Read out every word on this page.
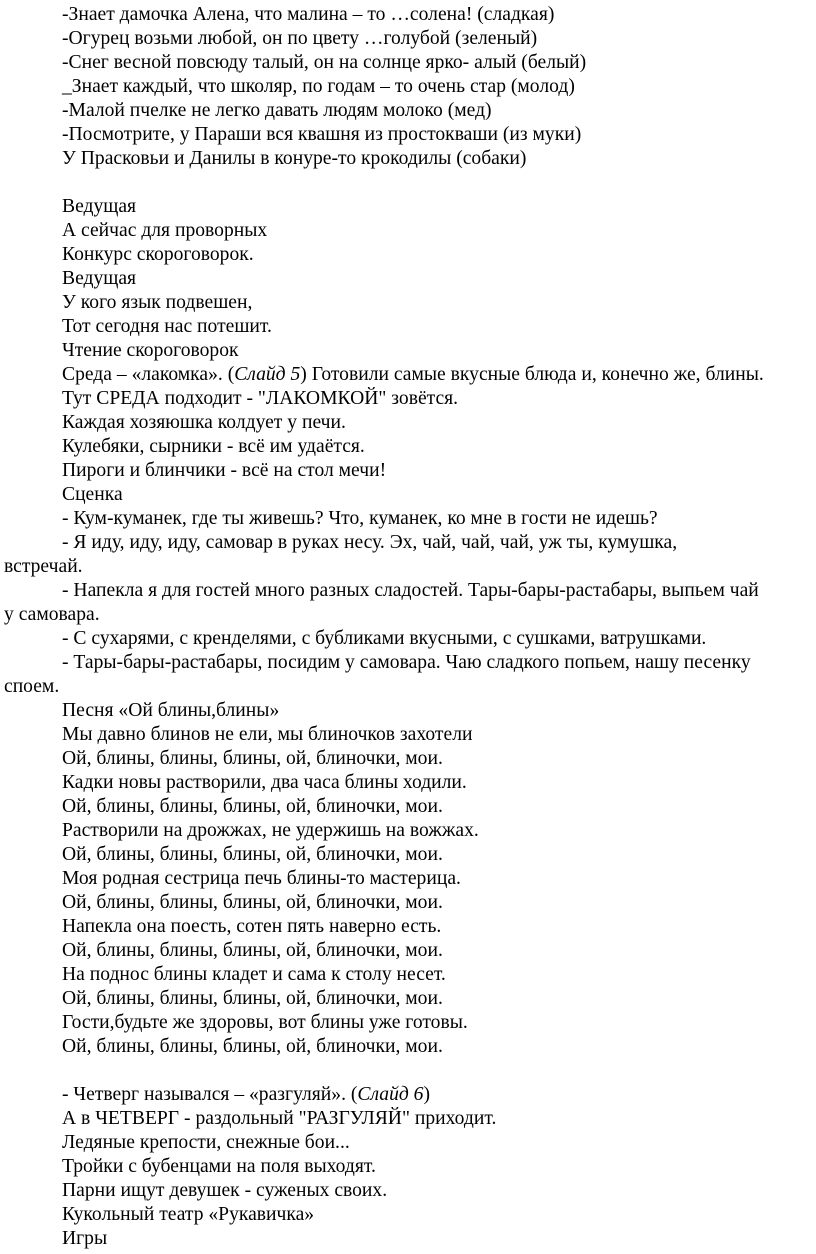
-Знает дамочка Алена, что малина – то …солена! (сладкая)
-Огурец возьми любой, он по цвету …голубой (зеленый)
-Снег весной повсюду талый, он на солнце ярко- алый (белый)
_Знает каждый, что школяр, по годам – то очень стар (молод)
-Малой пчелке не легко давать людям молоко (мед)
-Посмотрите, у Параши вся квашня из простокваши (из муки)
У Прасковьи и Данилы в конуре-то крокодилы (собаки)
Ведущая
А сейчас для проворных
Конкурс скороговорок.
Ведущая
У кого язык подвешен,
Тот сегодня нас потешит.
Чтение скороговорок
Среда – «лакомка». (Слайд 5) Готовили самые вкусные блюда и, конечно же, блины.
Тут СРЕДА подходит - "ЛАКОМКОЙ" зовётся.
Каждая хозяюшка колдует у печи.
Кулебяки, сырники - всё им удаётся.
Пироги и блинчики - всё на стол мечи!
Сценка
- Кум-куманек, где ты живешь? Что, куманек, ко мне в гости не идешь?
- Я иду, иду, иду, самовар в руках несу. Эх, чай, чай, чай, уж ты, кумушка,
встречай.
- Напекла я для гостей много разных сладостей. Тары-бары-растабары, выпьем чай
у самовара.
- С сухарями, с кренделями, с бубликами вкусными, с сушками, ватрушками.
- Тары-бары-растабары, посидим у самовара. Чаю сладкого попьем, нашу песенку
споем.
Песня «Ой блины,блины»
Мы давно блинов не ели, мы блиночков захотели
Ой, блины, блины, блины, ой, блиночки, мои.
Кадки новы растворили, два часа блины ходили.
Ой, блины, блины, блины, ой, блиночки, мои.
Растворили на дрожжах, не удержишь на вожжах.
Ой, блины, блины, блины, ой, блиночки, мои.
Моя родная сестрица печь блины-то мастерица.
Ой, блины, блины, блины, ой, блиночки, мои.
Напекла она поесть, сотен пять наверно есть.
Ой, блины, блины, блины, ой, блиночки, мои.
На поднос блины кладет и сама к столу несет.
Ой, блины, блины, блины, ой, блиночки, мои.
Гости,будьте же здоровы, вот блины уже готовы.
Ой, блины, блины, блины, ой, блиночки, мои.
- Четверг назывался – «разгуляй». (Слайд 6)
А в ЧЕТВЕРГ - раздольный "РАЗГУЛЯЙ" приходит.
Ледяные крепости, снежные бои...
Тройки с бубенцами на поля выходят.
Парни ищут девушек - суженых своих.
Кукольный театр «Рукавичка»
Игры
